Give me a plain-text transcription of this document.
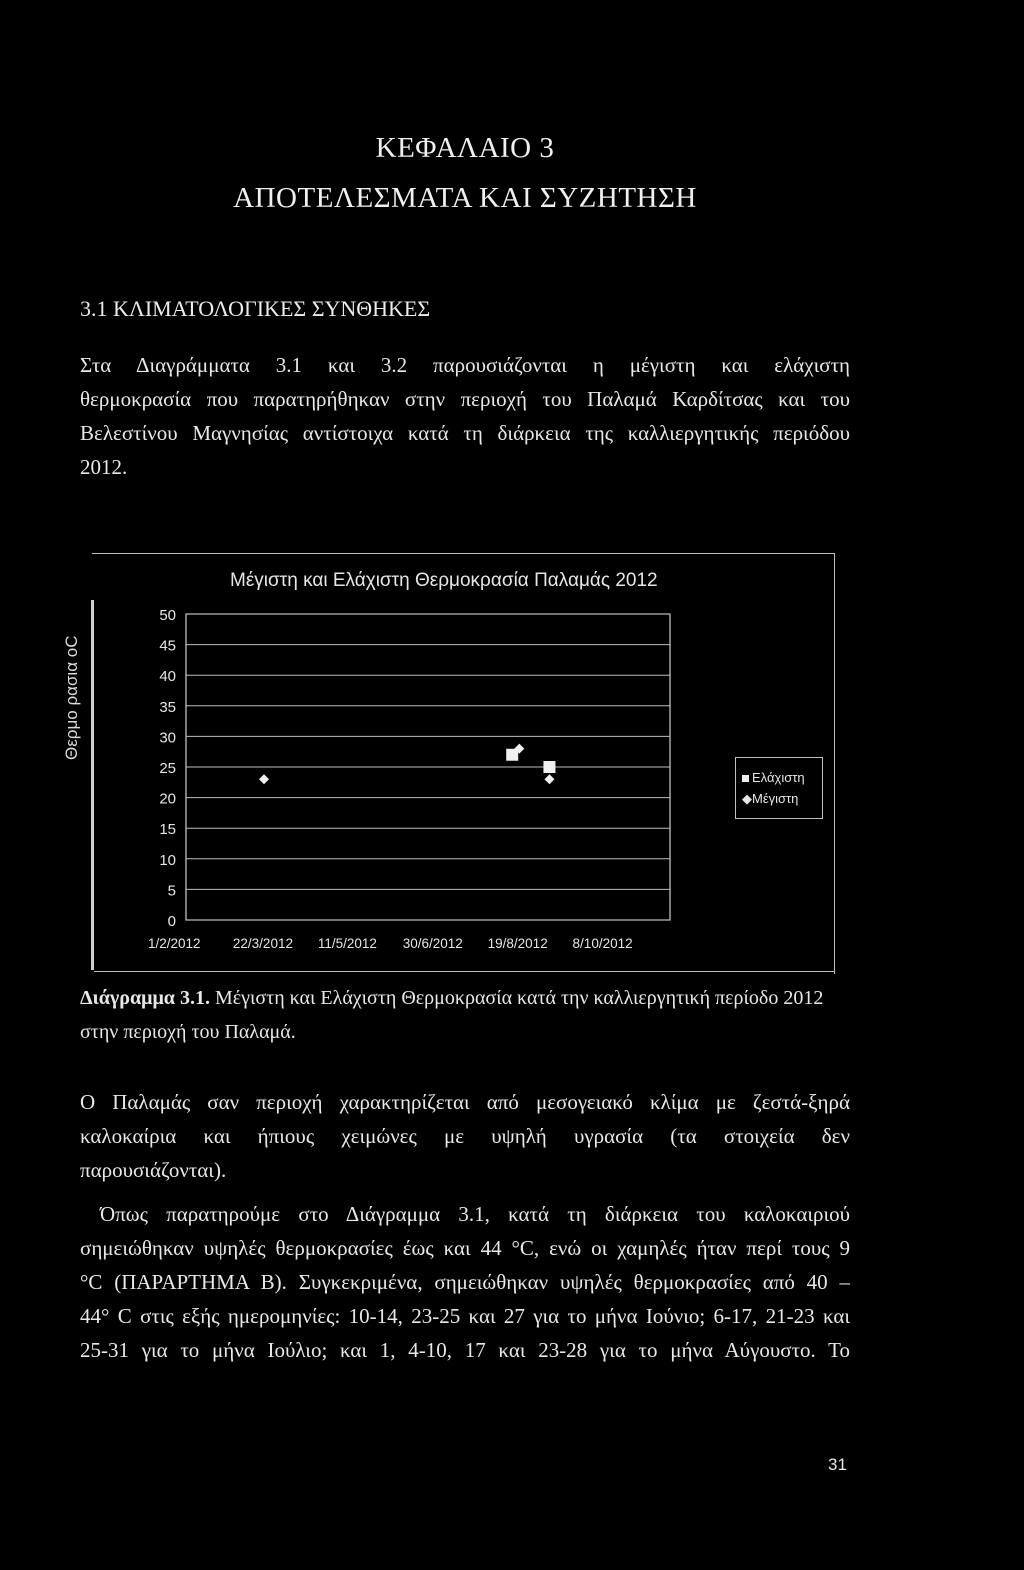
ΚΕΦΑΛΑΙΟ 3
ΑΠΟΤΕΛΕΣΜΑΤΑ ΚΑΙ ΣΥΖΗΤΗΣΗ
3.1 ΚΛΙΜΑΤΟΛΟΓΙΚΕΣ ΣΥΝΘΗΚΕΣ
Στα Διαγράμματα 3.1 και 3.2 παρουσιάζονται η μέγιστη και ελάχιστη
θερμοκρασία που παρατηρήθηκαν στην περιοχή του Παλαμά Καρδίτσας και του
Βελεστίνου Μαγνησίας αντίστοιχα κατά τη διάρκεια της καλλιεργητικής περιόδου
2012.
Μέγιστη και Ελάχιστη Θερμοκρασία Παλαμάς 2012
Θερμο ρασια οC
0
5
10
15
20
25
30
35
40
45
50
1/2/2012 22/3/2012 11/5/2012 30/6/2012 19/8/2012 8/10/2012
Ελάχιστη
◆Μέγιστη
Διάγραμμα 3.1. Μέγιστη και Ελάχιστη Θερμοκρασία κατά την καλλιεργητική περίοδο 2012
στην περιοχή του Παλαμά.
Ο Παλαμάς σαν περιοχή χαρακτηρίζεται από μεσογειακό κλίμα με ζεστά-ξηρά
καλοκαίρια και ήπιους χειμώνες με υψηλή υγρασία (τα στοιχεία δεν
παρουσιάζονται).
Όπως παρατηρούμε στο Διάγραμμα 3.1, κατά τη διάρκεια του καλοκαιριού
σημειώθηκαν υψηλές θερμοκρασίες έως και 44 °C, ενώ οι χαμηλές ήταν περί τους 9
°C (ΠΑΡΑΡΤΗΜΑ Β). Συγκεκριμένα, σημειώθηκαν υψηλές θερμοκρασίες από 40 –
44° C στις εξής ημερομηνίες: 10-14, 23-25 και 27 για το μήνα Ιούνιο; 6-17, 21-23 και
25-31 για το μήνα Ιούλιο; και 1, 4-10, 17 και 23-28 για το μήνα Αύγουστο. Το
31
